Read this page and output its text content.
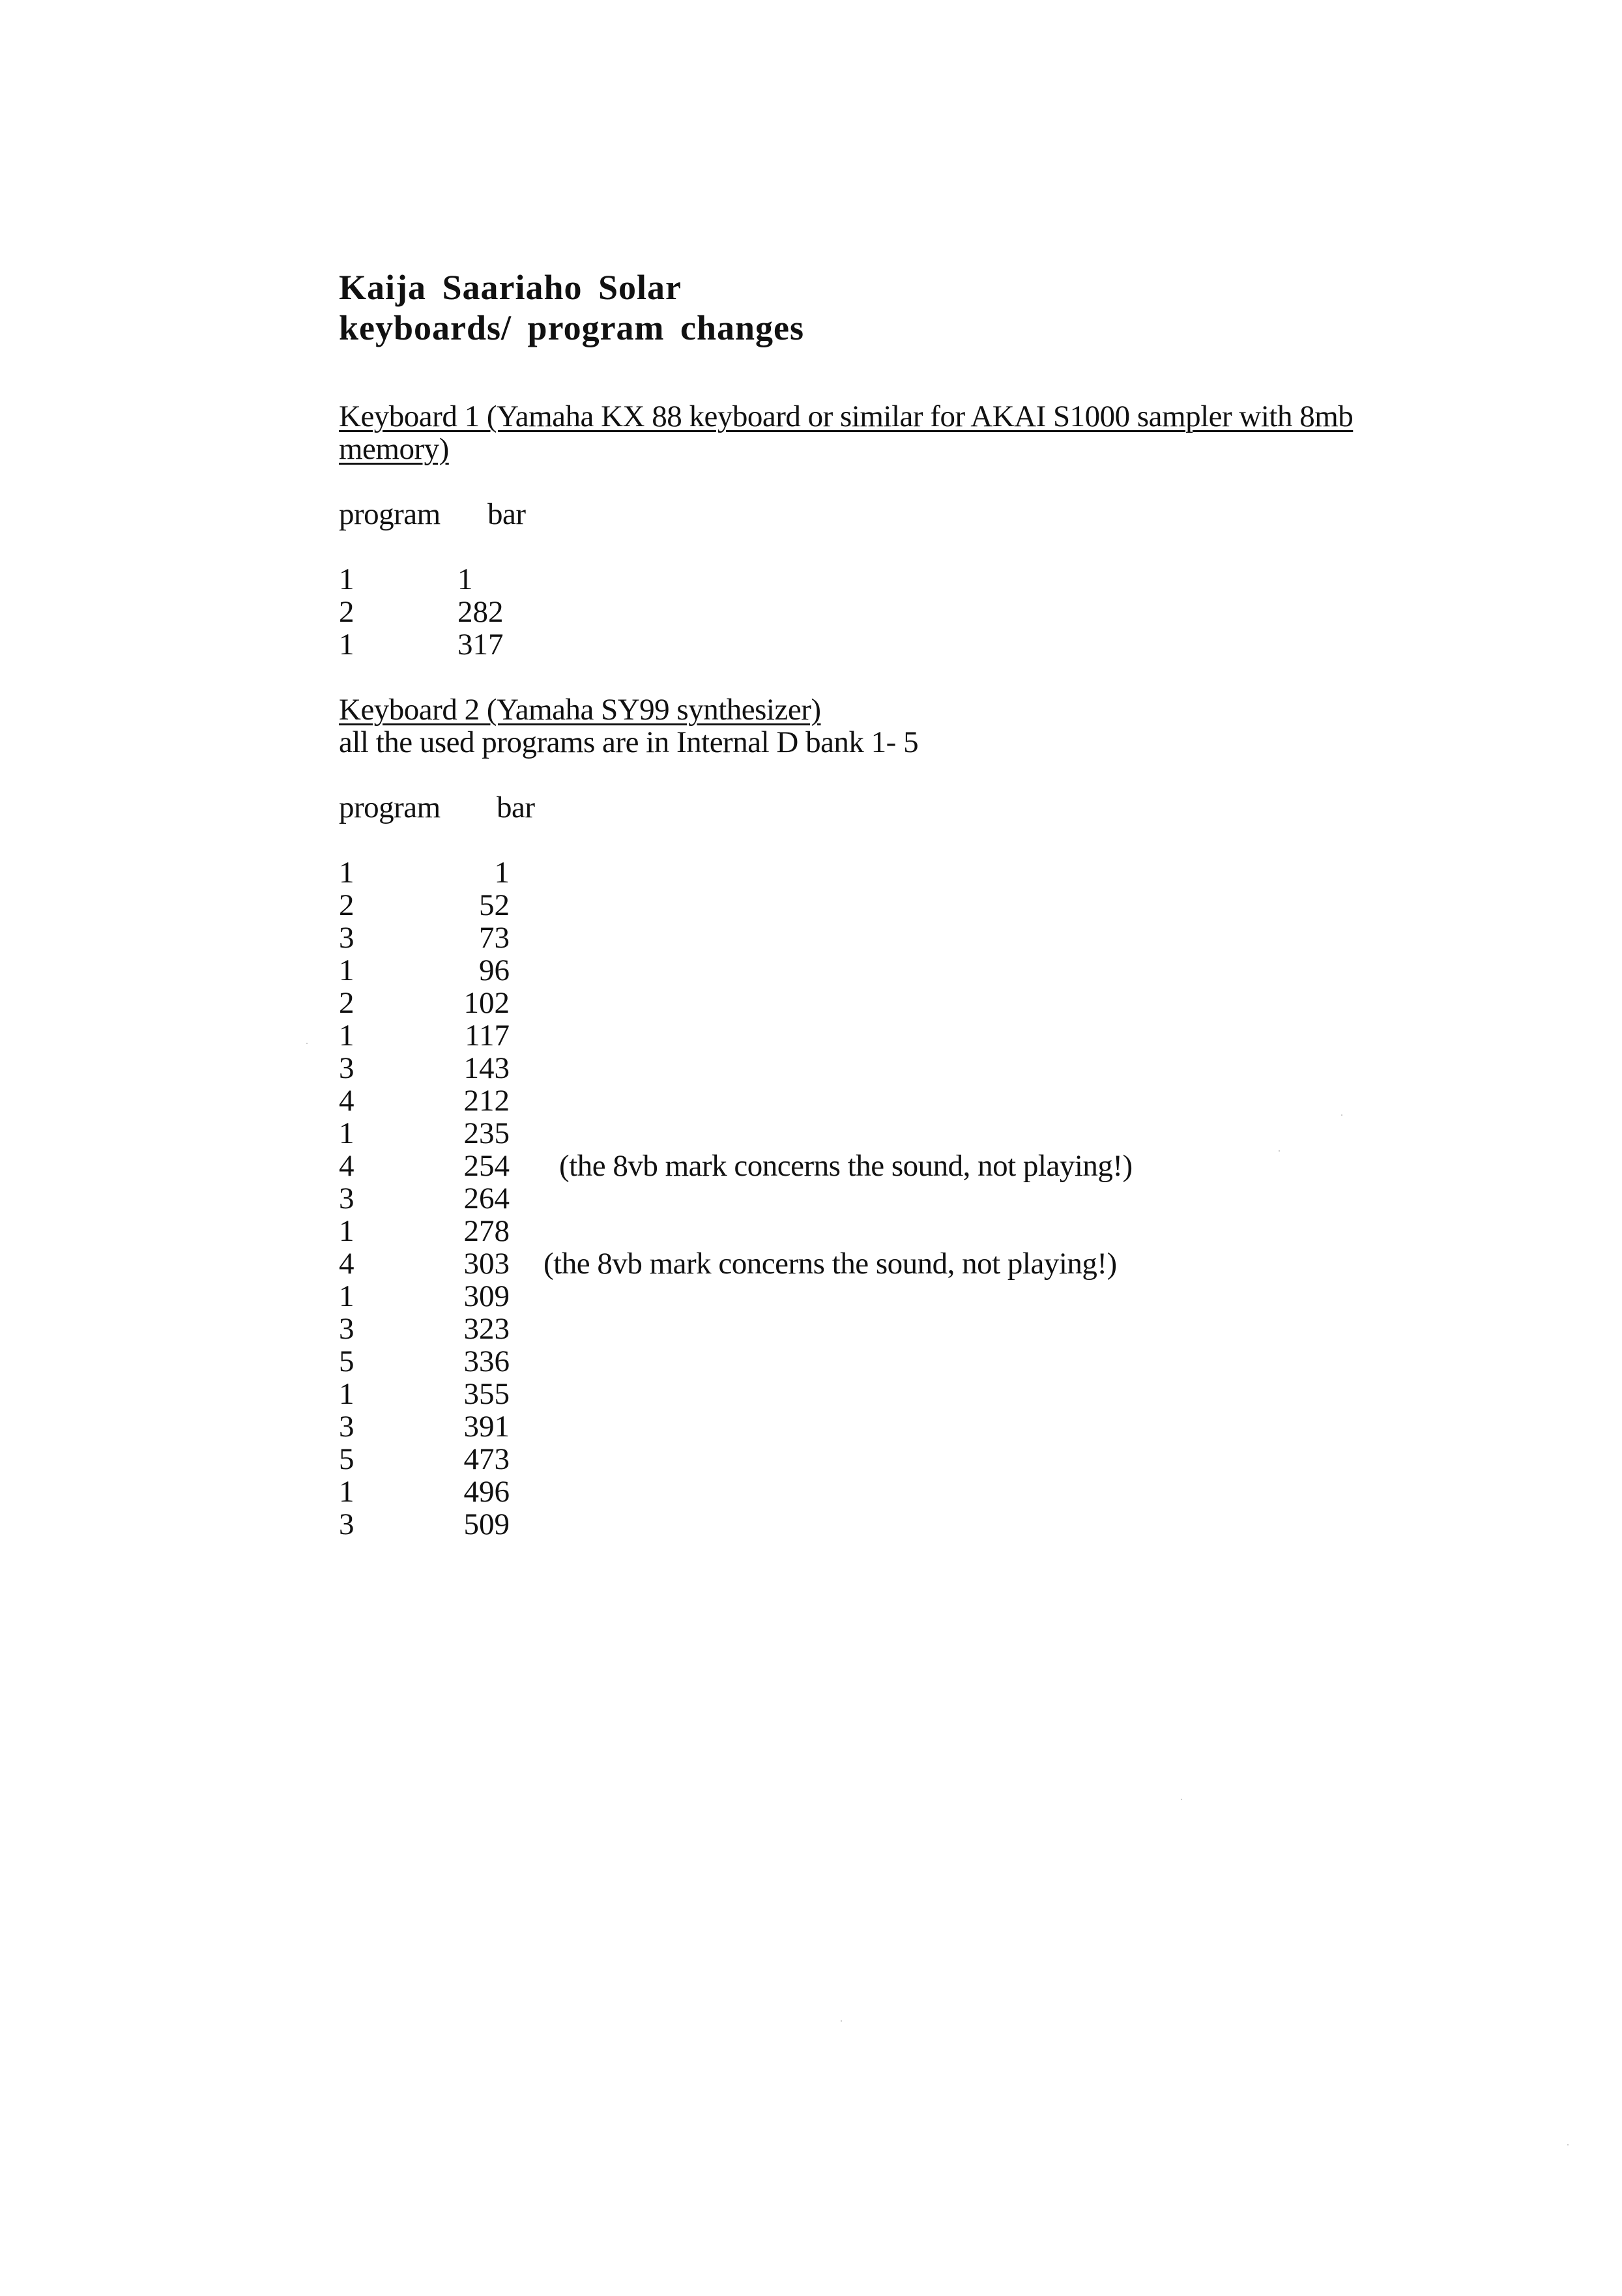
Kaija Saariaho Solar

keyboards/ program changes

Keyboard 1 (Yamaha KX 88 keyboard or similar for AKAI S1000 sampler with 8mb memory)

program bar
1	1
2	282
1	317

Keyboard 2 (Yamaha SY99 synthesizer)

all the used programs are in Internal D bank 1- 5

program bar
1	1
2	52
3	73
1	96
2	102
1	117
3	143
4	212
1	235
4	254 (the 8vb mark concerns the sound, not playing!)
3	264
1	278
4	303 (the 8vb mark concerns the sound, not playing!)
1	309
3	323
5	336
1	355
3	391
5	473
1	496
3	509
